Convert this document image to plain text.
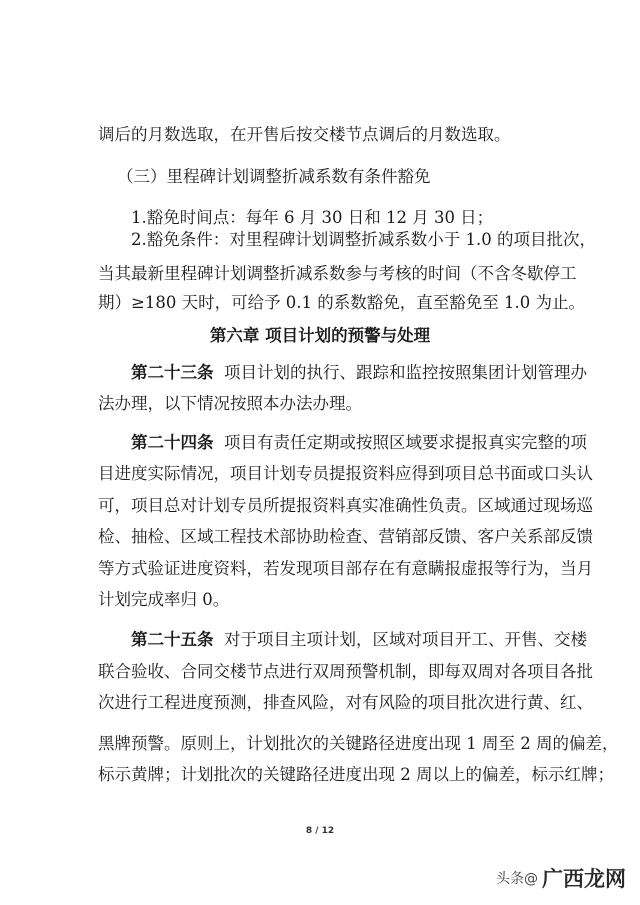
调后的月数选取，在开售后按交楼节点调后的月数选取。
（三）里程碑计划调整折减系数有条件豁免
1.豁免时间点：每年 6 月 30 日和 12 月 30 日；
2.豁免条件：对里程碑计划调整折减系数小于 1.0 的项目批次，
当其最新里程碑计划调整折减系数参与考核的时间（不含冬歇停工
期）≥180 天时，可给予 0.1 的系数豁免，直至豁免至 1.0 为止。
第六章 项目计划的预警与处理
第二十三条 项目计划的执行、跟踪和监控按照集团计划管理办
法办理，以下情况按照本办法办理。
第二十四条 项目有责任定期或按照区域要求提报真实完整的项
目进度实际情况，项目计划专员提报资料应得到项目总书面或口头认
可，项目总对计划专员所提报资料真实准确性负责。区域通过现场巡
检、抽检、区域工程技术部协助检查、营销部反馈、客户关系部反馈
等方式验证进度资料，若发现项目部存在有意瞒报虚报等行为，当月
计划完成率归 0。
第二十五条 对于项目主项计划，区域对项目开工、开售、交楼
联合验收、合同交楼节点进行双周预警机制，即每双周对各项目各批
次进行工程进度预测，排查风险，对有风险的项目批次进行黄、红、
黑牌预警。原则上，计划批次的关键路径进度出现 1 周至 2 周的偏差，
标示黄牌；计划批次的关键路径进度出现 2 周以上的偏差，标示红牌；
8 / 12
头条@ 广西龙网
